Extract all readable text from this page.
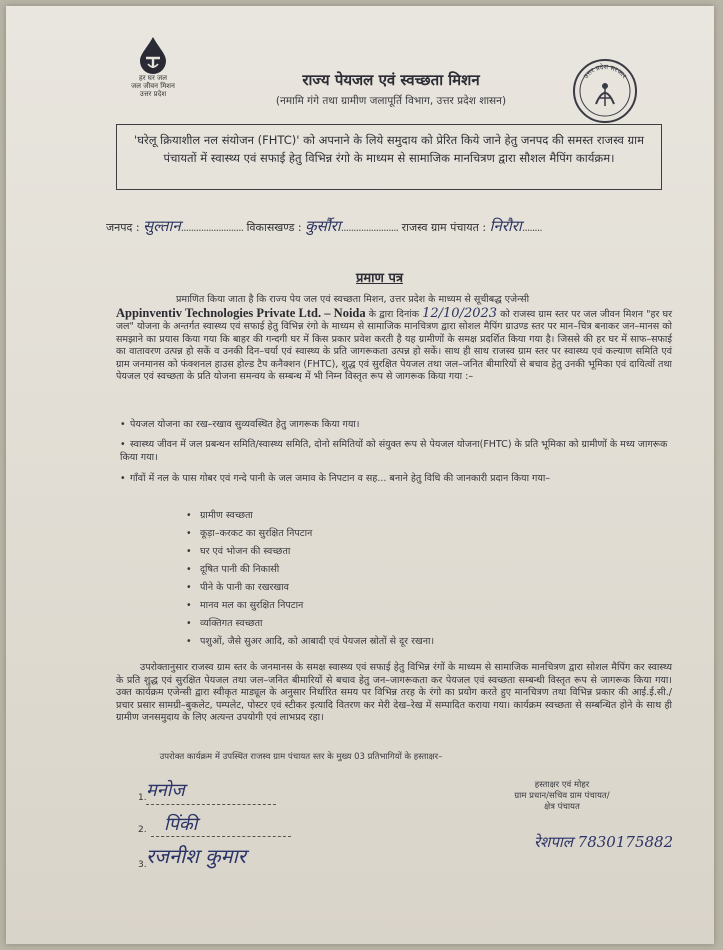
हर घर जल
जल जीवन मिशन
उत्तर प्रदेश
राज्य पेयजल एवं स्वच्छता मिशन
(नमामि गंगे तथा ग्रामीण जलापूर्ति विभाग, उत्तर प्रदेश शासन)
उत्तर प्रदेश सरकार
'घरेलू क्रियाशील नल संयोजन (FHTC)' को अपनाने के लिये समुदाय को प्रेरित किये जाने हेतु जनपद की समस्त राजस्व ग्राम पंचायतों में स्वास्थ्य एवं सफाई हेतु विभिन्न रंगो के माध्यम से सामाजिक मानचित्रण द्वारा सौशल मैपिंग कार्यक्रम।
जनपद : सुल्तान......................... विकासखण्ड : कुर्सौरा....................... राजस्व ग्राम पंचायत : निरौरा........
प्रमाण पत्र
प्रमाणित किया जाता है कि राज्य पेय जल एवं स्वच्छता मिशन, उत्तर प्रदेश के माध्यम से सूचीबद्ध एजेन्सी
Appinventiv Technologies Private Ltd. – Noida के द्वारा दिनांक 12/10/2023 को राजस्व ग्राम स्तर पर जल जीवन मिशन "हर घर जल" योजना के अन्तर्गत स्वास्थ्य एवं सफाई हेतु विभिन्न रंगो के माध्यम से सामाजिक मानचित्रण द्वारा सोशल मैपिंग ग्राउण्ड स्तर पर मान–चित्र बनाकर जन–मानस को समझाने का प्रयास किया गया कि बाहर की गन्दगी घर में किस प्रकार प्रवेश करती है यह ग्रामीणों के समक्ष प्रदर्शित किया गया है। जिससे की हर घर में साफ–सफाई का वातावरण उत्पन्न हो सकें व उनकी दिन–चर्या एवं स्वास्थ्य के प्रति जागरूकता उत्पन्न हो सकें। साथ ही साथ राजस्व ग्राम स्तर पर स्वास्थ्य एवं कल्याण समिति एवं ग्राम जनमानस को फंक्शनल हाउस होल्ड टैप कनैक्शन (FHTC), शुद्ध एवं सुरक्षित पेयजल तथा जल–जनित बीमारियों से बचाव हेतु उनकी भूमिका एवं दायित्वों तथा पेयजल एवं स्वच्छता के प्रति योजना समन्वय के सम्बन्ध में भी निम्न विस्तृत रूप से जागरूक किया गया :–
• पेयजल योजना का रख–रखाव सुव्यवस्थित हेतु जागरूक किया गया।
• स्वास्थ्य जीवन में जल प्रबन्धन समिति/स्वास्थ्य समिति, दोनो समितियों को संयुक्त रूप से पेयजल योजना(FHTC) के प्रति भूमिका को ग्रामीणों के मध्य जागरूक किया गया।
• गाँवों में नल के पास गोबर एवं गन्दे पानी के जल जमाव के निपटान व सह... बनाने हेतु विधि की जानकारी प्रदान किया गया–
• ग्रामीण स्वच्छता
• कूड़ा–करकट का सुरक्षित निपटान
• घर एवं भोजन की स्वच्छता
• दूषित पानी की निकासी
• पीने के पानी का रखरखाव
• मानव मल का सुरक्षित निपटान
• व्यक्तिगत स्वच्छता
• पशुओं, जैसे सुअर आदि, को आबादी एवं पेयजल स्रोतों से दूर रखना।
उपरोक्तानुसार राजस्व ग्राम स्तर के जनमानस के समक्ष स्वास्थ्य एवं सफाई हेतु विभिन्न रंगों के माध्यम से सामाजिक मानचित्रण द्वारा सोशल मैपिंग कर स्वास्थ्य के प्रति शुद्ध एवं सुरक्षित पेयजल तथा जल–जनित बीमारियों से बचाव हेतु जन–जागरूकता कर पेयजल एवं स्वच्छता सम्बन्धी विस्तृत रूप से जागरूक किया गया। उक्त कार्यक्रम एजेन्सी द्वारा स्वीकृत माड्यूल के अनुसार निर्धारित समय पर विभिन्न तरह के रंगो का प्रयोग करते हुए मानचित्रण तथा विभिन्न प्रकार की आई.ई.सी./प्रचार प्रसार सामग्री–बुकलेट, पम्पलेट, पोस्टर एवं स्टीकर इत्यादि वितरण कर मेरी देख–रेख में सम्पादित कराया गया। कार्यक्रम स्वच्छता से सम्बन्धित होने के साथ ही ग्रामीण जनसमुदाय के लिए अत्यन्त उपयोगी एवं लाभप्रद रहा।
उपरोक्त कार्यक्रम में उपस्थित राजस्व ग्राम पंचायत स्तर के मुख्य 03 प्रतिभागियों के हस्ताक्षर–
1. मनोज
2. पिंकी
3. रजनीश कुमार
हस्ताक्षर एवं मोहर
ग्राम प्रधान/सचिव ग्राम पंचायत/
क्षेत्र पंचायत
रेशपाल 7830175882
